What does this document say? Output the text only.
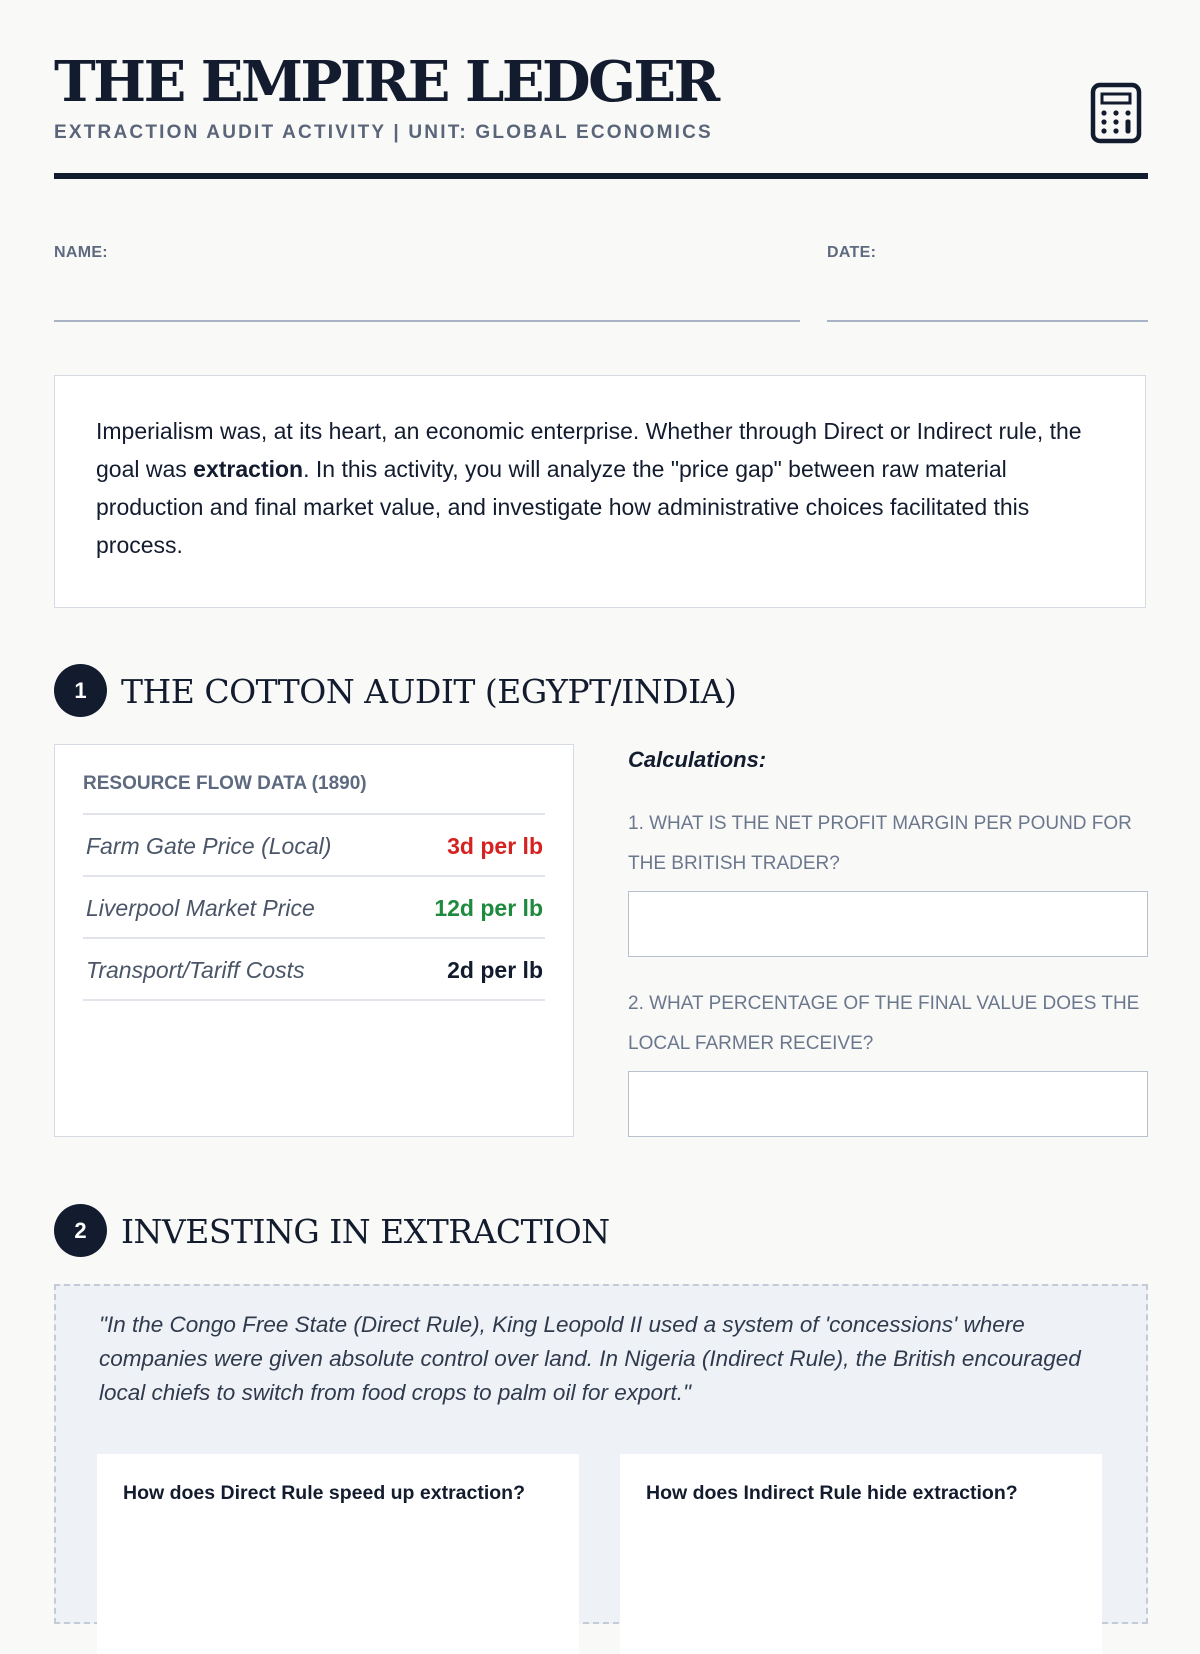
THE EMPIRE LEDGER
EXTRACTION AUDIT ACTIVITY | UNIT: GLOBAL ECONOMICS
NAME:	DATE:

Imperialism was, at its heart, an economic enterprise. Whether through Direct or Indirect rule, the goal was extraction. In this activity, you will analyze the "price gap" between raw material production and final market value, and investigate how administrative choices facilitated this process.

1	THE COTTON AUDIT (EGYPT/INDIA)
RESOURCE FLOW DATA (1890)
Farm Gate Price (Local)	3d per lb
Liverpool Market Price	12d per lb
Transport/Tariff Costs	2d per lb
Calculations:
1. WHAT IS THE NET PROFIT MARGIN PER POUND FOR THE BRITISH TRADER?
2. WHAT PERCENTAGE OF THE FINAL VALUE DOES THE LOCAL FARMER RECEIVE?
2	INVESTING IN EXTRACTION

"In the Congo Free State (Direct Rule), King Leopold II used a system of 'concessions' where companies were given absolute control over land. In Nigeria (Indirect Rule), the British encouraged local chiefs to switch from food crops to palm oil for export."

How does Direct Rule speed up extraction?	How does Indirect Rule hide extraction?
